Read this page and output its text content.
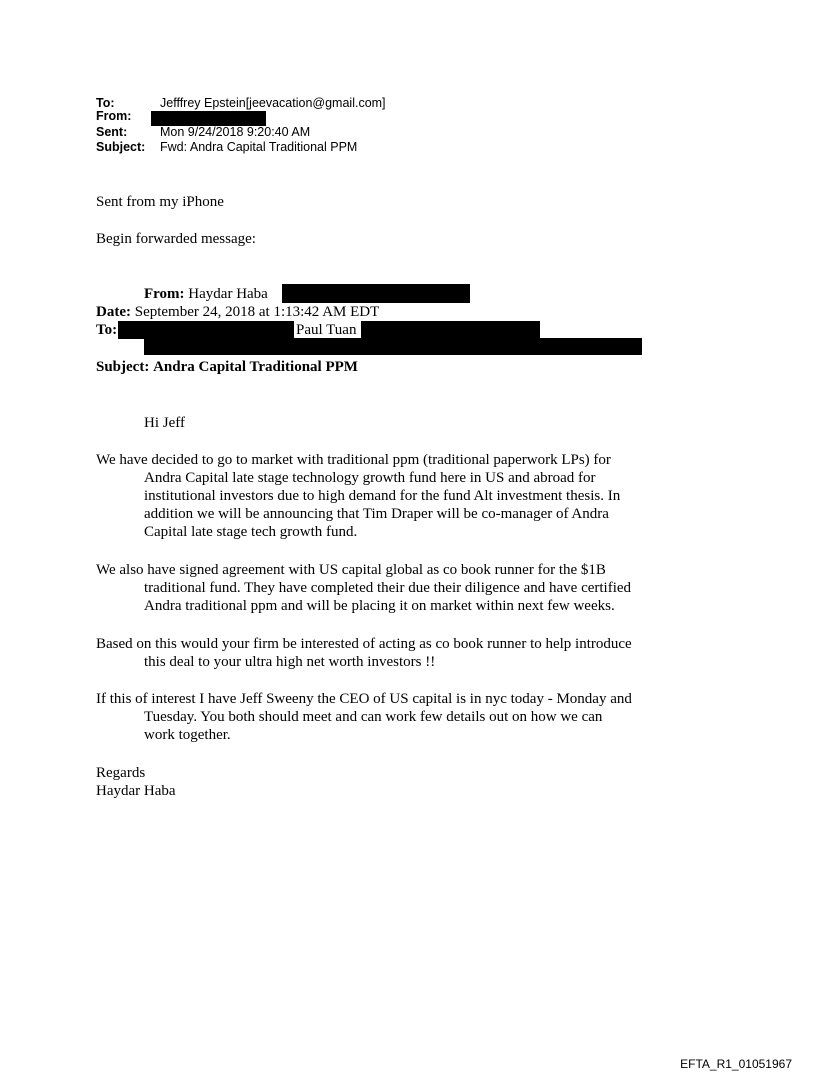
To:	Jefffrey Epstein[jeevacation@gmail.com]
From:
Sent:	Mon 9/24/2018 9:20:40 AM
Subject: Fwd: Andra Capital Traditional PPM
Sent from my iPhone
Begin forwarded message:
From: Haydar Haba
Date: September 24, 2018 at 1:13:42 AM EDT
To:	Paul Tuan
Subject: Andra Capital Traditional PPM
Hi Jeff
We have decided to go to market with traditional ppm (traditional paperwork LPs) for
Andra Capital late stage technology growth fund here in US and abroad for
institutional investors due to high demand for the fund Alt investment thesis. In
addition we will be announcing that Tim Draper will be co-manager of Andra
Capital late stage tech growth fund.
We also have signed agreement with US capital global as co book runner for the $1B
traditional fund. They have completed their due their diligence and have certified
Andra traditional ppm and will be placing it on market within next few weeks.
Based on this would your firm be interested of acting as co book runner to help introduce
this deal to your ultra high net worth investors !!
If this of interest I have Jeff Sweeny the CEO of US capital is in nyc today - Monday and
Tuesday. You both should meet and can work few details out on how we can
work together.
Regards
Haydar Haba
EFTA_R1_01051967
